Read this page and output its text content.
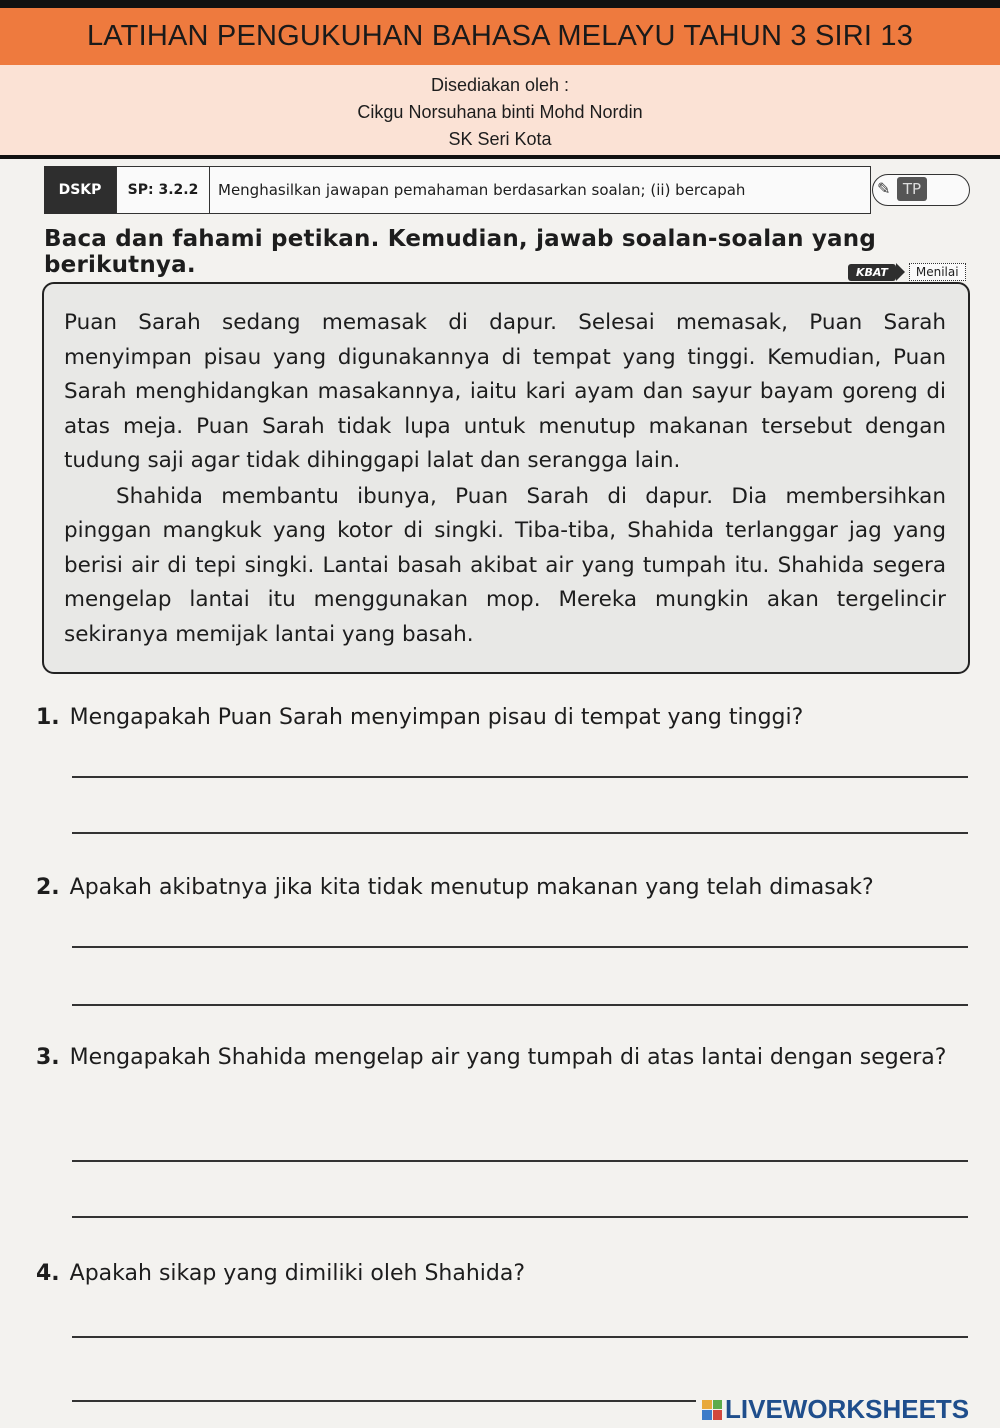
LATIHAN PENGUKUHAN BAHASA MELAYU TAHUN 3 SIRI 13
Disediakan oleh :
Cikgu Norsuhana binti Mohd Nordin
SK Seri Kota
DSKP	SP: 3.2.2	Menghasilkan jawapan pemahaman berdasarkan soalan; (ii) bercapah	✎ TP
Baca dan fahami petikan. Kemudian, jawab soalan-soalan yang berikutnya.	KBAT	Menilai

Puan Sarah sedang memasak di dapur. Selesai memasak, Puan Sarah menyimpan pisau yang digunakannya di tempat yang tinggi. Kemudian, Puan Sarah menghidangkan masakannya, iaitu kari ayam dan sayur bayam goreng di atas meja. Puan Sarah tidak lupa untuk menutup makanan tersebut dengan tudung saji agar tidak dihinggapi lalat dan serangga lain.

Shahida membantu ibunya, Puan Sarah di dapur. Dia membersihkan pinggan mangkuk yang kotor di singki. Tiba-tiba, Shahida terlanggar jag yang berisi air di tepi singki. Lantai basah akibat air yang tumpah itu. Shahida segera mengelap lantai itu menggunakan mop. Mereka mungkin akan tergelincir sekiranya memijak lantai yang basah.

1. Mengapakah Puan Sarah menyimpan pisau di tempat yang tinggi?
2. Apakah akibatnya jika kita tidak menutup makanan yang telah dimasak?
3. Mengapakah Shahida mengelap air yang tumpah di atas lantai dengan segera?
4. Apakah sikap yang dimiliki oleh Shahida?
LIVEWORKSHEETS
